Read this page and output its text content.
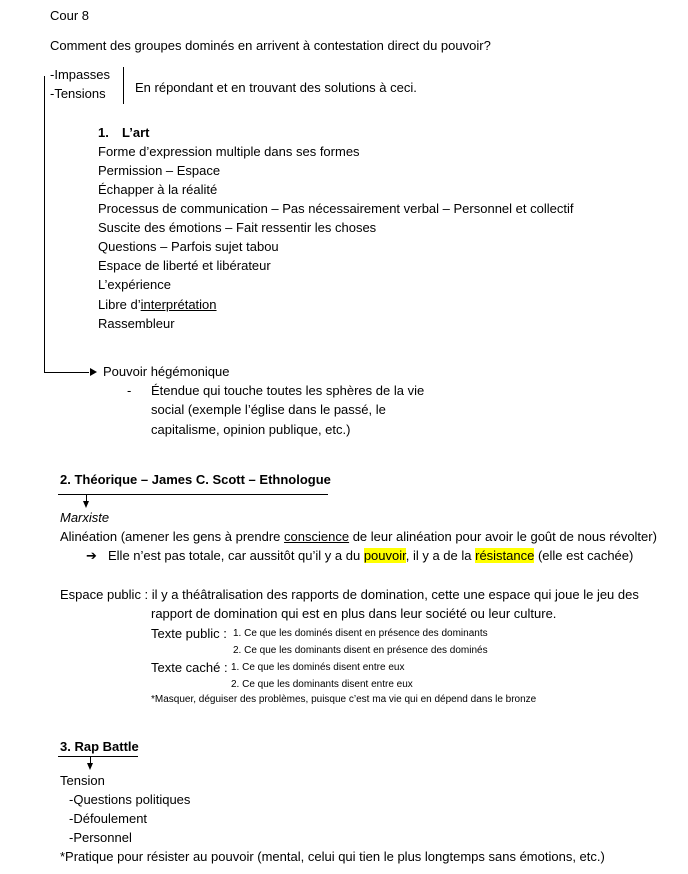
Cour 8
Comment des groupes dominés en arrivent à contestation direct du pouvoir?
-Impasses
-Tensions En répondant et en trouvant des solutions à ceci.
1. L’art
Forme d’expression multiple dans ses formes
Permission – Espace
Échapper à la réalité
Processus de communication – Pas nécessairement verbal – Personnel et collectif
Suscite des émotions – Fait ressentir les choses
Questions – Parfois sujet tabou
Espace de liberté et libérateur
L’expérience
Libre d’interprétation
Rassembleur
Pouvoir hégémonique
- Étendue qui touche toutes les sphères de la vie
social (exemple l’église dans le passé, le
capitalisme, opinion publique, etc.)
2. Théorique – James C. Scott – Ethnologue
Marxiste
Alinéation (amener les gens à prendre conscience de leur alinéation pour avoir le goût de nous révolter)
➔ Elle n’est pas totale, car aussitôt qu’il y a du pouvoir, il y a de la résistance (elle est cachée)
Espace public : il y a théâtralisation des rapports de domination, cette une espace qui joue le jeu des
rapport de domination qui est en plus dans leur société ou leur culture.
Texte public : 1. Ce que les dominés disent en présence des dominants
2. Ce que les dominants disent en présence des dominés
Texte caché : 1. Ce que les dominés disent entre eux
2. Ce que les dominants disent entre eux
*Masquer, déguiser des problèmes, puisque c’est ma vie qui en dépend dans le bronze
3. Rap Battle
Tension
-Questions politiques
-Défoulement
-Personnel
*Pratique pour résister au pouvoir (mental, celui qui tien le plus longtemps sans émotions, etc.)
